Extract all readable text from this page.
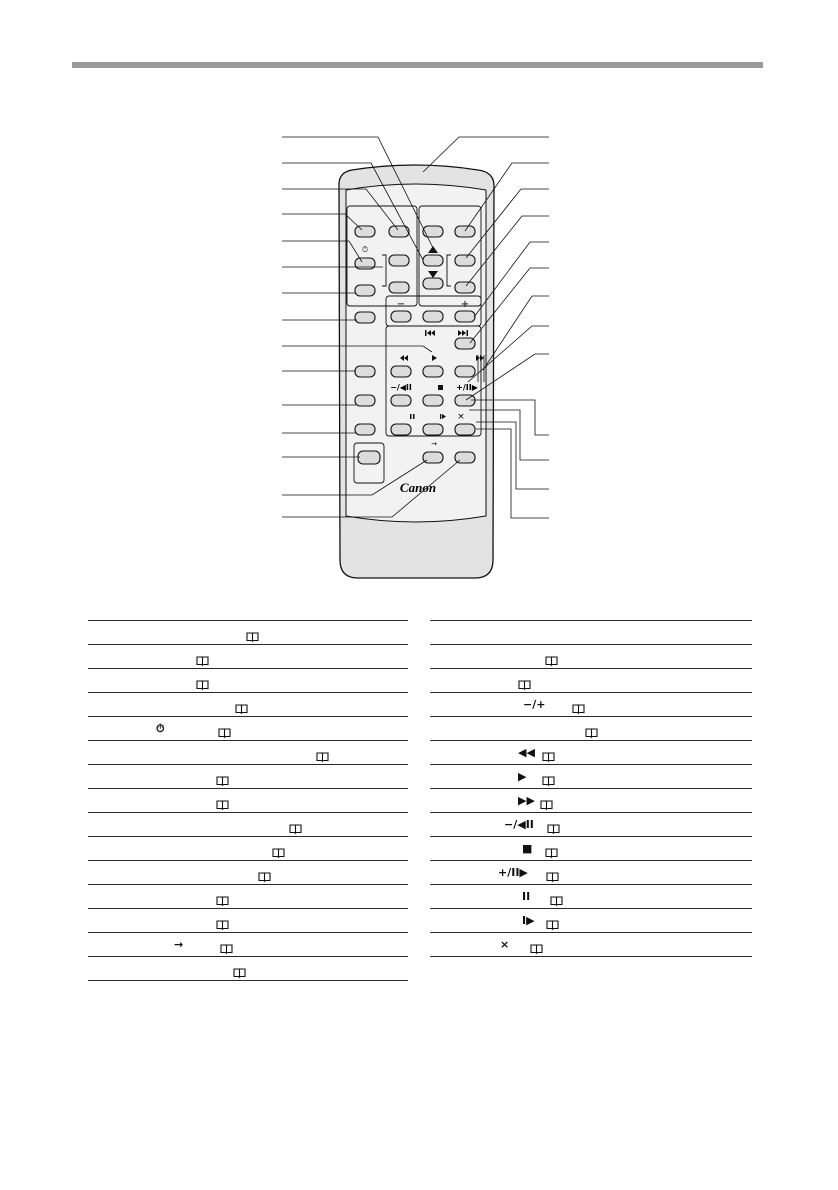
⏱
−	+
−/◀II	+/II▶
×
→
Canon
⏱
→
−/+
◀◀
▶
▶▶
−/◀II
■
+/II▶
II
I▶
×
